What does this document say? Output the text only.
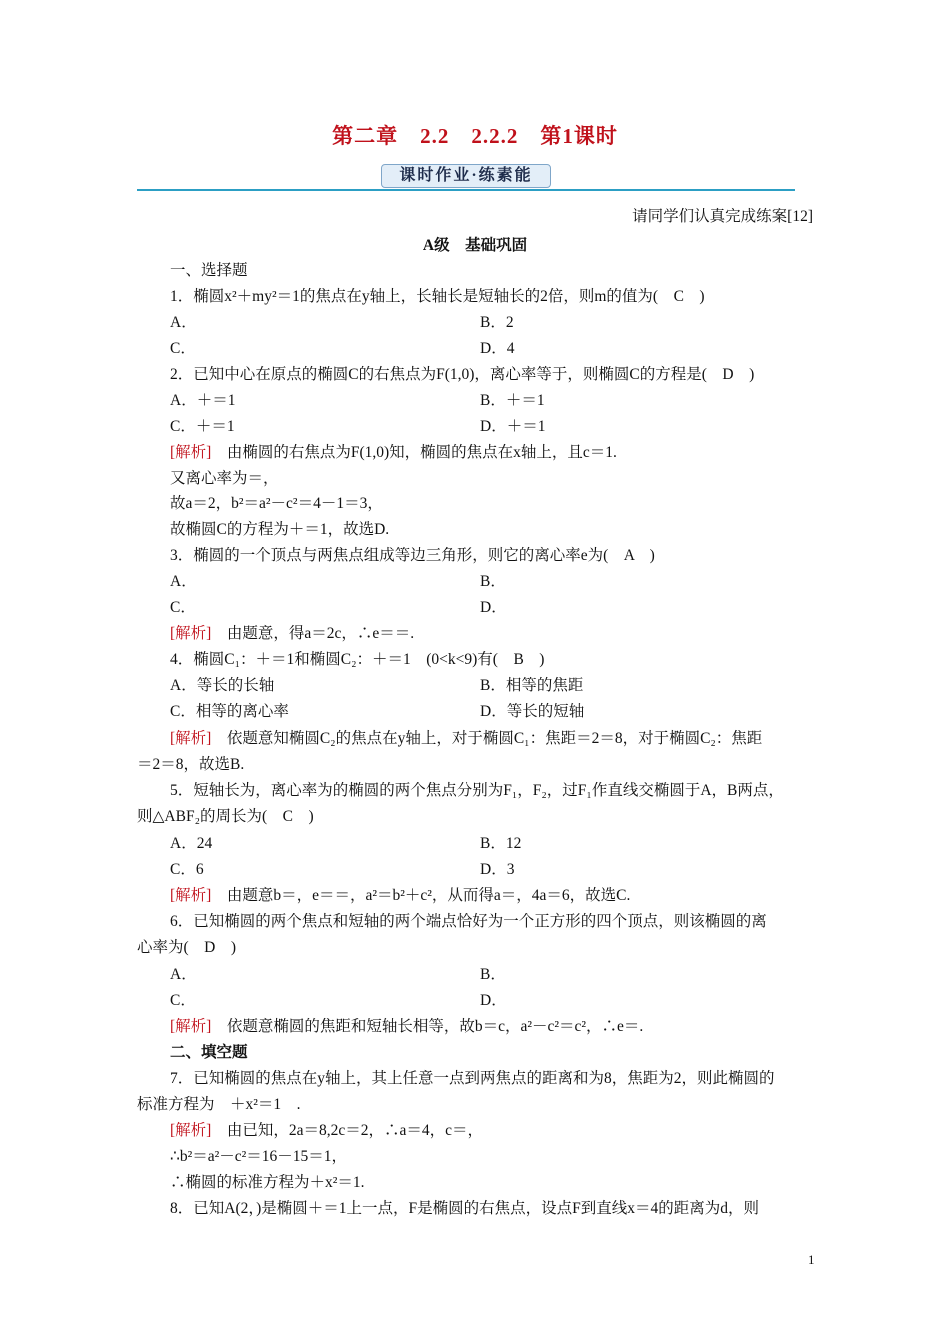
第二章　2.2　2.2.2　第1课时
课时作业·练素能
请同学们认真完成练案[12]
A级　基础巩固
一、选择题
1．椭圆x²＋my²＝1的焦点在y轴上，长轴长是短轴长的2倍，则m的值为(　C　)
A．	B．2
C．	D．4
2．已知中心在原点的椭圆C的右焦点为F(1,0)，离心率等于，则椭圆C的方程是(　D　)
A．＋＝1	B．＋＝1
C．＋＝1	D．＋＝1
[解析]　由椭圆的右焦点为F(1,0)知，椭圆的焦点在x轴上，且c＝1.
又离心率为＝，
故a＝2，b²＝a²－c²＝4－1＝3，
故椭圆C的方程为＋＝1，故选D.
3．椭圆的一个顶点与两焦点组成等边三角形，则它的离心率e为(　A　)
A．	B．
C．	D．
[解析]　由题意，得a＝2c，∴e＝＝.
4．椭圆C₁：＋＝1和椭圆C₂：＋＝1　(0<k<9)有(　B　)
A．等长的长轴	B．相等的焦距
C．相等的离心率	D．等长的短轴
[解析]　依题意知椭圆C₂的焦点在y轴上，对于椭圆C₁：焦距＝2＝8，对于椭圆C₂：焦距
＝2＝8，故选B.
5．短轴长为，离心率为的椭圆的两个焦点分别为F₁，F₂，过F₁作直线交椭圆于A，B两点，
则△ABF₂的周长为(　C　)
A．24	B．12
C．6	D．3
[解析]　由题意b＝，e＝＝，a²＝b²＋c²，从而得a＝，4a＝6，故选C.
6．已知椭圆的两个焦点和短轴的两个端点恰好为一个正方形的四个顶点，则该椭圆的离
心率为(　D　)
A．	B．
C．	D．
[解析]　依题意椭圆的焦距和短轴长相等，故b＝c，a²－c²＝c²，∴e＝.
二、填空题
7．已知椭圆的焦点在y轴上，其上任意一点到两焦点的距离和为8，焦距为2，则此椭圆的
标准方程为　＋x²＝1　.
[解析]　由已知，2a＝8,2c＝2，∴a＝4，c＝，
∴b²＝a²－c²＝16－15＝1，
∴椭圆的标准方程为＋x²＝1.
8．已知A(2，)是椭圆＋＝1上一点，F是椭圆的右焦点，设点F到直线x＝4的距离为d，则
1
